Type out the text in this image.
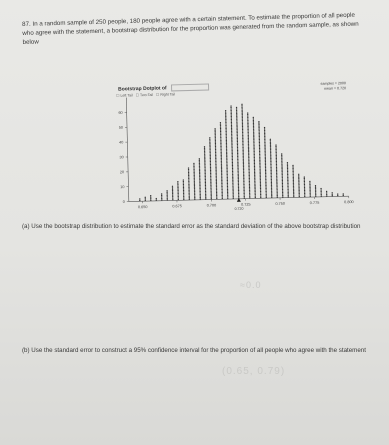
87. In a random sample of 250 people, 180 people agree with a certain statement. To estimate the proportion of all people who agree with the statement, a bootstrap distribution for the proportion was generated from the random sample, as shown below
Bootstrap Dotplot of
☐ Left Tail ☐ Two-Tail ☐ Right Tail
samples = 2000
mean = 0.720
0.650	0.675	0.700	0.725	0.750	0.775	0.800
0.720
0
10
20
30
40
50
60
(a) Use the bootstrap distribution to estimate the standard error as the standard deviation of the above bootstrap distribution
≈0.0
(b) Use the standard error to construct a 95% confidence interval for the proportion of all people who agree with the statement
(0.65, 0.79)
